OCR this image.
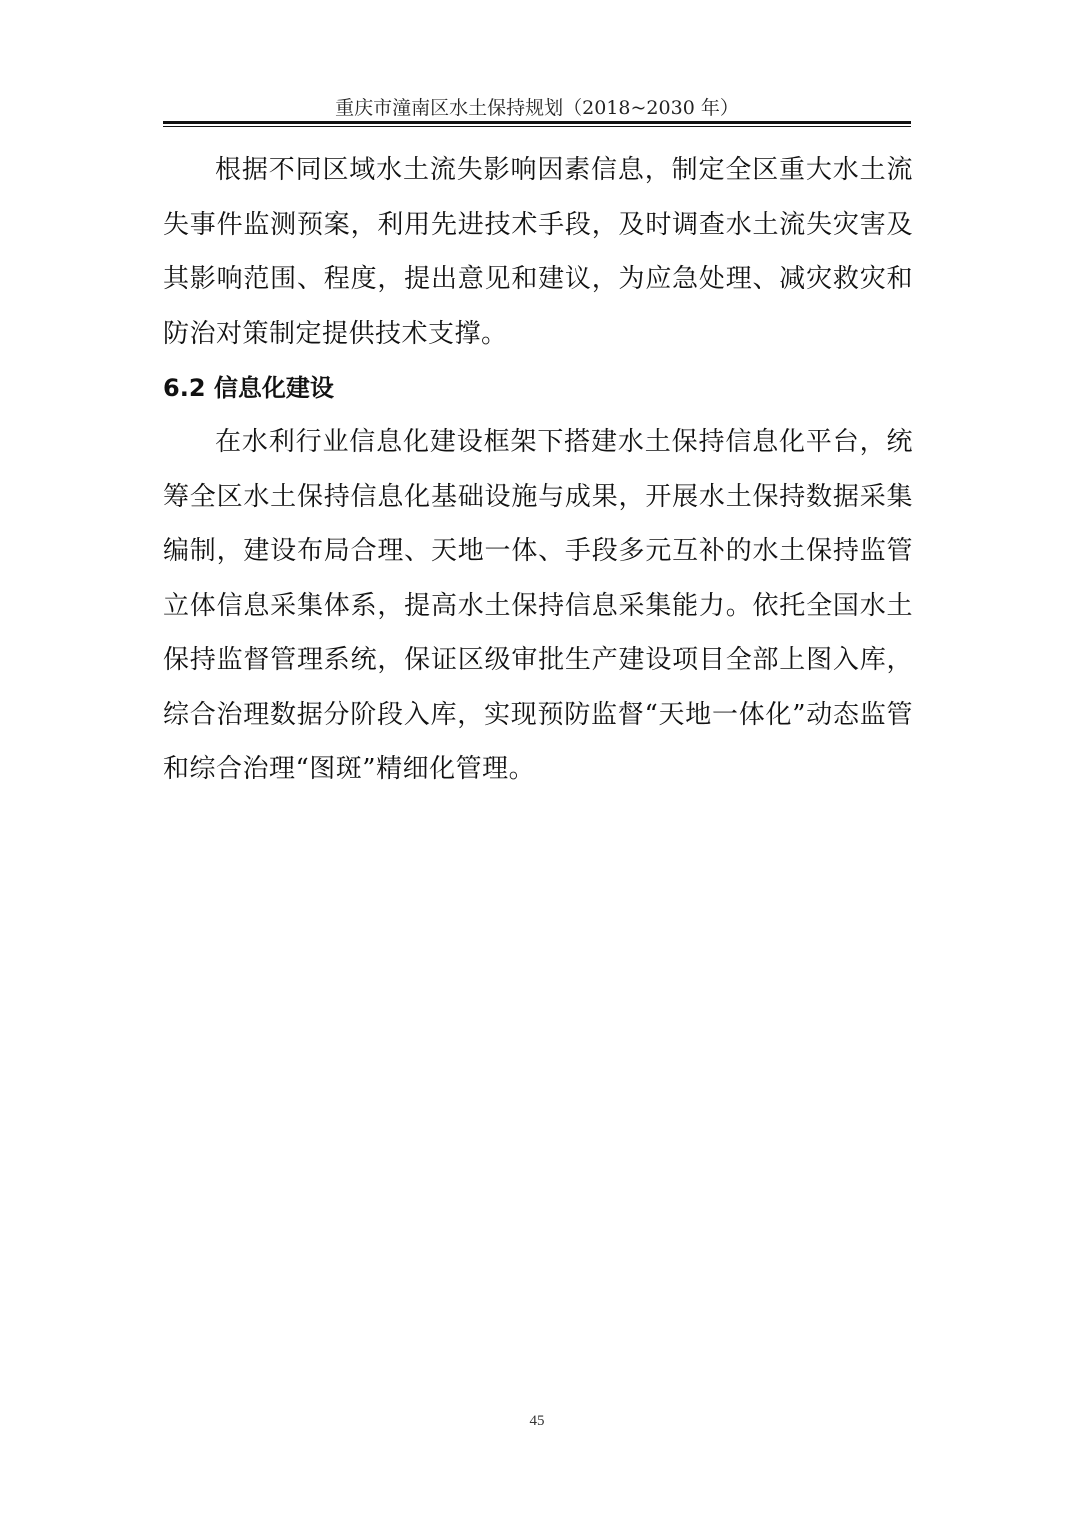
重庆市潼南区水土保持规划（2018~2030 年）

根据不同区域水土流失影响因素信息，制定全区重大水土流失事件监测预案，利用先进技术手段，及时调查水土流失灾害及其影响范围、程度，提出意见和建议，为应急处理、减灾救灾和防治对策制定提供技术支撑。

6.2 信息化建设

在水利行业信息化建设框架下搭建水土保持信息化平台，统筹全区水土保持信息化基础设施与成果，开展水土保持数据采集编制，建设布局合理、天地一体、手段多元互补的水土保持监管立体信息采集体系，提高水土保持信息采集能力。依托全国水土保持监督管理系统，保证区级审批生产建设项目全部上图入库，综合治理数据分阶段入库，实现预防监督“天地一体化”动态监管和综合治理“图斑”精细化管理。

45
